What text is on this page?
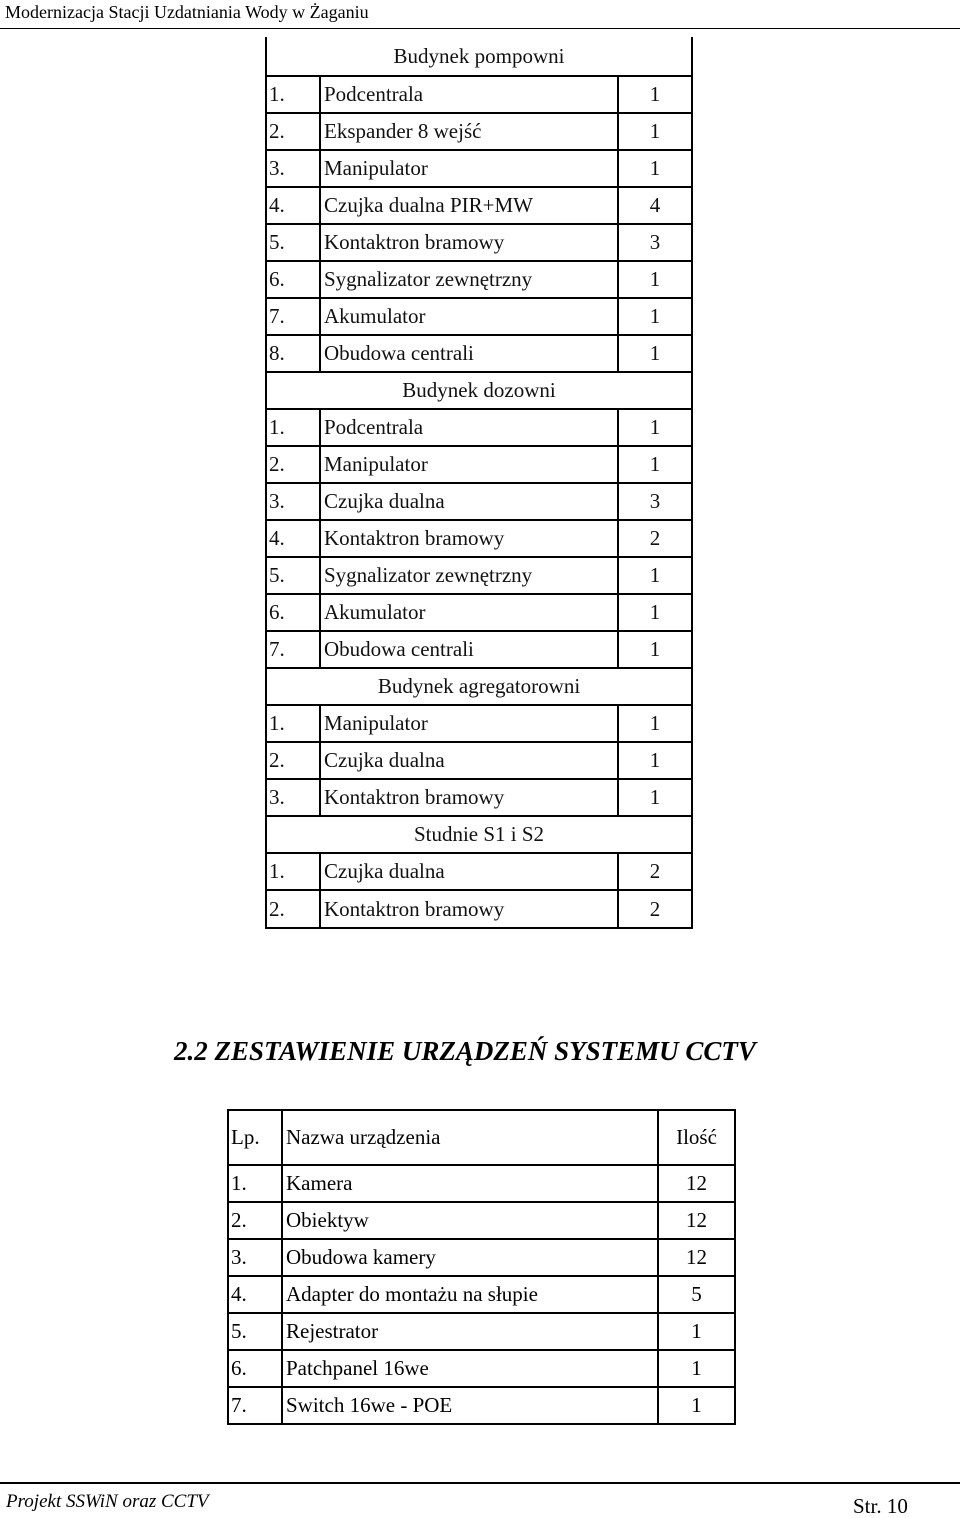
Modernizacja Stacji Uzdatniania Wody w Żaganiu
Budynek pompowni		
1.	Podcentrala	1
2.	Ekspander 8 wejść	1
3.	Manipulator	1
4.	Czujka dualna PIR+MW	4
5.	Kontaktron bramowy	3
6.	Sygnalizator zewnętrzny	1
7.	Akumulator	1
8.	Obudowa centrali	1
Budynek dozowni		
1.	Podcentrala	1
2.	Manipulator	1
3.	Czujka dualna	3
4.	Kontaktron bramowy	2
5.	Sygnalizator zewnętrzny	1
6.	Akumulator	1
7.	Obudowa centrali	1
Budynek agregatorowni		
1.	Manipulator	1
2.	Czujka dualna	1
3.	Kontaktron bramowy	1
Studnie S1 i S2		
1.	Czujka dualna	2
2.	Kontaktron bramowy	2
2.2 ZESTAWIENIE URZĄDZEŃ SYSTEMU CCTV
Lp.	Nazwa urządzenia	Ilość
1.	Kamera	12
2.	Obiektyw	12
3.	Obudowa kamery	12
4.	Adapter do montażu na słupie	5
5.	Rejestrator	1
6.	Patchpanel 16we	1
7.	Switch 16we - POE	1
Projekt SSWiN oraz CCTV	Str. 10
